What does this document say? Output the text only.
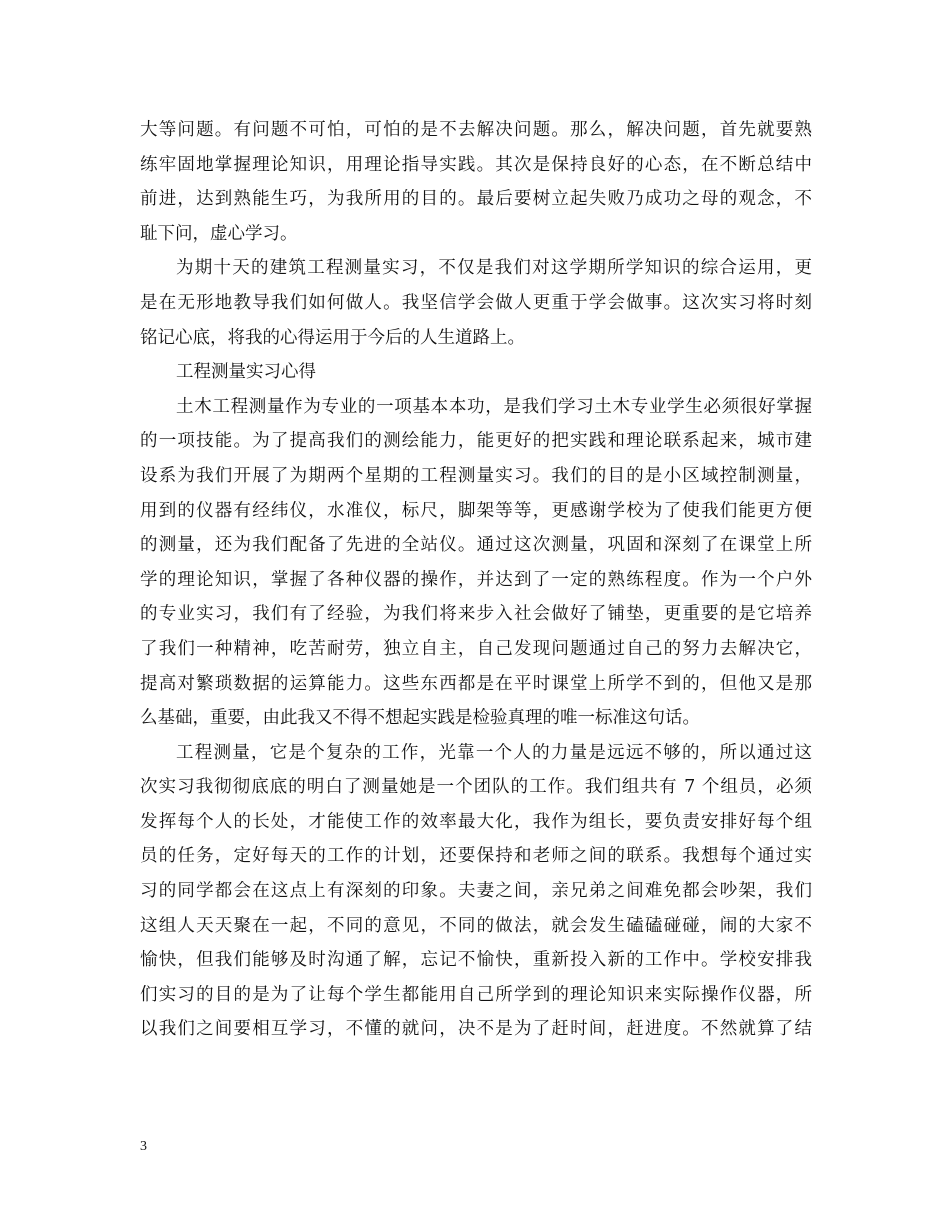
大等问题。有问题不可怕，可怕的是不去解决问题。那么，解决问题，首先就要熟
练牢固地掌握理论知识，用理论指导实践。其次是保持良好的心态，在不断总结中
前进，达到熟能生巧，为我所用的目的。最后要树立起失败乃成功之母的观念，不
耻下问，虚心学习。
为期十天的建筑工程测量实习，不仅是我们对这学期所学知识的综合运用，更
是在无形地教导我们如何做人。我坚信学会做人更重于学会做事。这次实习将时刻
铭记心底，将我的心得运用于今后的人生道路上。
工程测量实习心得
土木工程测量作为专业的一项基本本功，是我们学习土木专业学生必须很好掌握
的一项技能。为了提高我们的测绘能力，能更好的把实践和理论联系起来，城市建
设系为我们开展了为期两个星期的工程测量实习。我们的目的是小区域控制测量，
用到的仪器有经纬仪，水准仪，标尺，脚架等等，更感谢学校为了使我们能更方便
的测量，还为我们配备了先进的全站仪。通过这次测量，巩固和深刻了在课堂上所
学的理论知识，掌握了各种仪器的操作，并达到了一定的熟练程度。作为一个户外
的专业实习，我们有了经验，为我们将来步入社会做好了铺垫，更重要的是它培养
了我们一种精神，吃苦耐劳，独立自主，自己发现问题通过自己的努力去解决它，
提高对繁琐数据的运算能力。这些东西都是在平时课堂上所学不到的，但他又是那
么基础，重要，由此我又不得不想起实践是检验真理的唯一标准这句话。
工程测量，它是个复杂的工作，光靠一个人的力量是远远不够的，所以通过这
次实习我彻彻底底的明白了测量她是一个团队的工作。我们组共有 7 个组员，必须
发挥每个人的长处，才能使工作的效率最大化，我作为组长，要负责安排好每个组
员的任务，定好每天的工作的计划，还要保持和老师之间的联系。我想每个通过实
习的同学都会在这点上有深刻的印象。夫妻之间，亲兄弟之间难免都会吵架，我们
这组人天天聚在一起，不同的意见，不同的做法，就会发生磕磕碰碰，闹的大家不
愉快，但我们能够及时沟通了解，忘记不愉快，重新投入新的工作中。学校安排我
们实习的目的是为了让每个学生都能用自己所学到的理论知识来实际操作仪器，所
以我们之间要相互学习，不懂的就问，决不是为了赶时间，赶进度。不然就算了结
3
